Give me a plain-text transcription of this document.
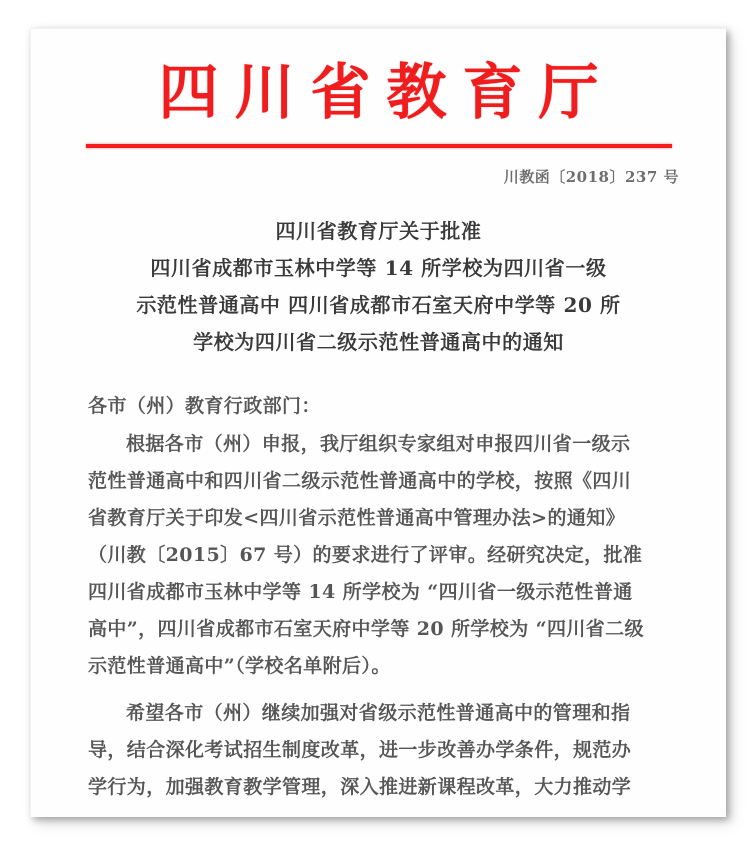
四川省教育厅
川教函〔2018〕237 号
四川省教育厅关于批准
四川省成都市玉林中学等 14 所学校为四川省一级
示范性普通高中 四川省成都市石室天府中学等 20 所
学校为四川省二级示范性普通高中的通知
各市（州）教育行政部门：
根据各市（州）申报，我厅组织专家组对申报四川省一级示
范性普通高中和四川省二级示范性普通高中的学校，按照《四川
省教育厅关于印发<四川省示范性普通高中管理办法>的通知》
（川教〔2015〕67 号）的要求进行了评审。经研究决定，批准
四川省成都市玉林中学等 14 所学校为 “四川省一级示范性普通
高中”，四川省成都市石室天府中学等 20 所学校为 “四川省二级
示范性普通高中”（学校名单附后）。
希望各市（州）继续加强对省级示范性普通高中的管理和指
导，结合深化考试招生制度改革，进一步改善办学条件，规范办
学行为，加强教育教学管理，深入推进新课程改革，大力推动学
